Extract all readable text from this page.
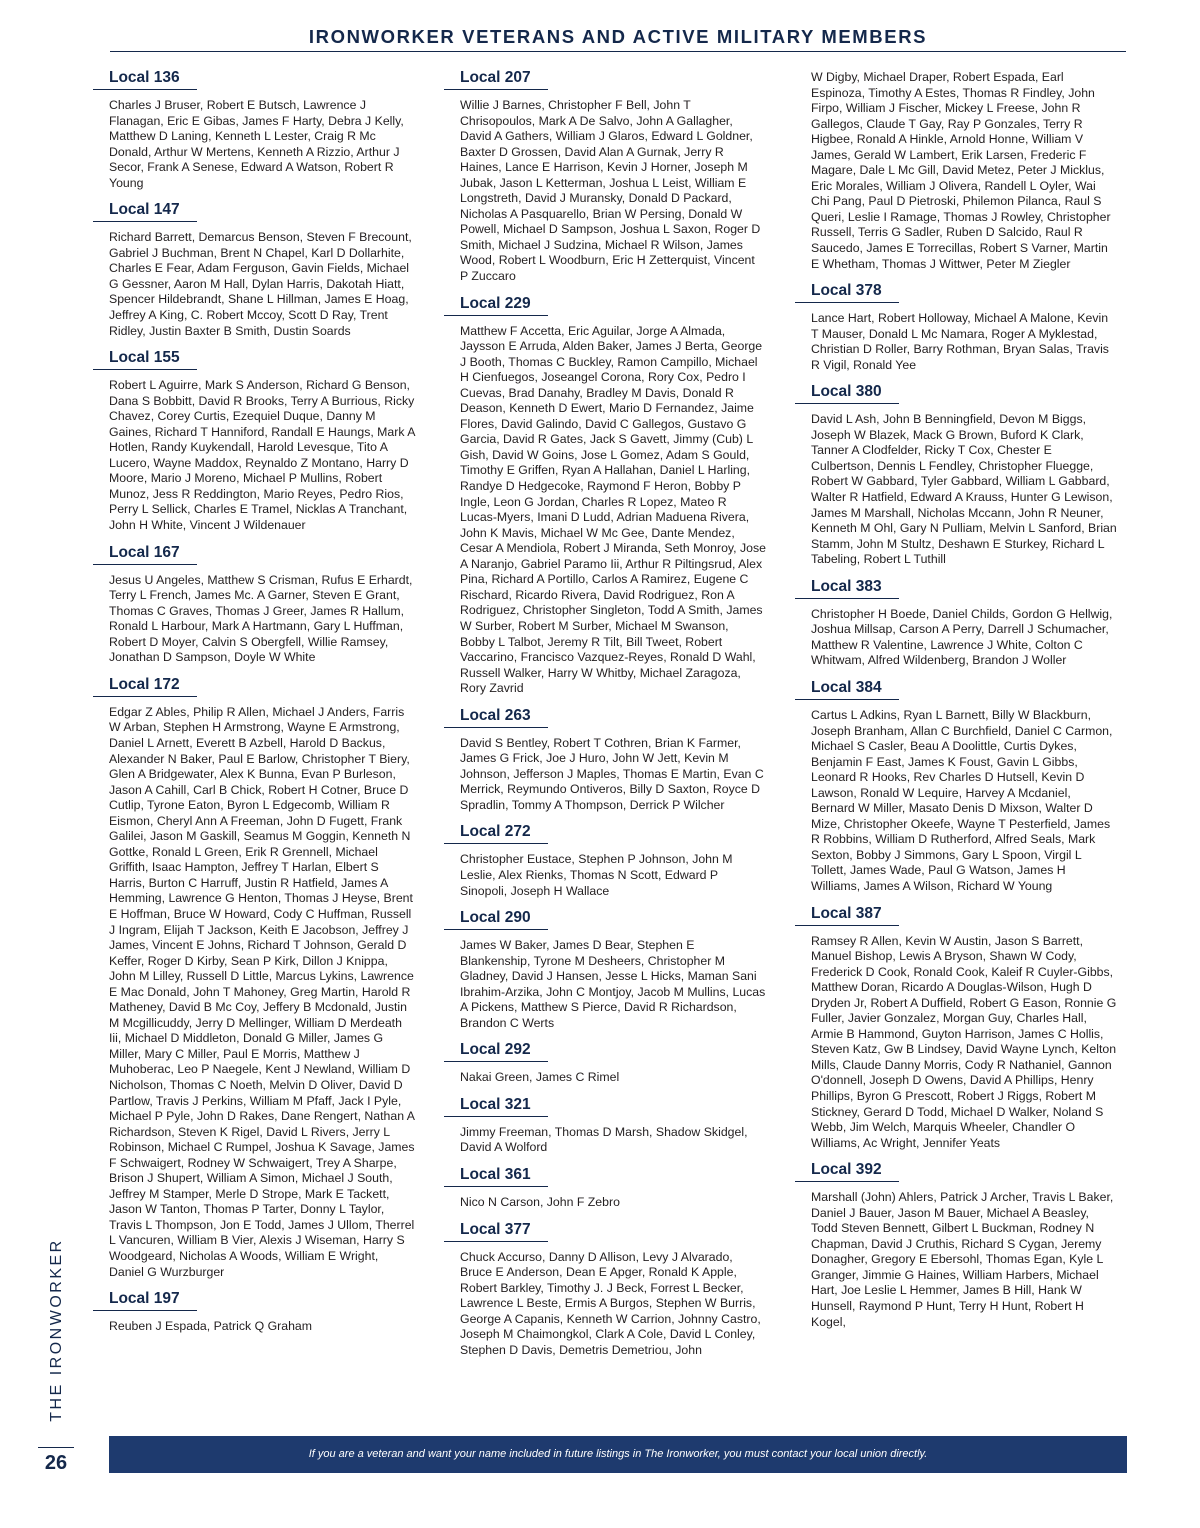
IRONWORKER VETERANS AND ACTIVE MILITARY MEMBERS
Local 136

Charles J Bruser, Robert E Butsch, Lawrence J Flanagan, Eric E Gibas, James F Harty, Debra J Kelly, Matthew D Laning, Kenneth L Lester, Craig R Mc Donald, Arthur W Mertens, Kenneth A Rizzio, Arthur J Secor, Frank A Senese, Edward A Watson, Robert R Young

Local 147

Richard Barrett, Demarcus Benson, Steven F Brecount, Gabriel J Buchman, Brent N Chapel, Karl D Dollarhite, Charles E Fear, Adam Ferguson, Gavin Fields, Michael G Gessner, Aaron M Hall, Dylan Harris, Dakotah Hiatt, Spencer Hildebrandt, Shane L Hillman, James E Hoag, Jeffrey A King, C. Robert Mccoy, Scott D Ray, Trent Ridley, Justin Baxter B Smith, Dustin Soards

Local 155

Robert L Aguirre, Mark S Anderson, Richard G Benson, Dana S Bobbitt, David R Brooks, Terry A Burrious, Ricky Chavez, Corey Curtis, Ezequiel Duque, Danny M Gaines, Richard T Hanniford, Randall E Haungs, Mark A Hotlen, Randy Kuykendall, Harold Levesque, Tito A Lucero, Wayne Maddox, Reynaldo Z Montano, Harry D Moore, Mario J Moreno, Michael P Mullins, Robert Munoz, Jess R Reddington, Mario Reyes, Pedro Rios, Perry L Sellick, Charles E Tramel, Nicklas A Tranchant, John H White, Vincent J Wildenauer

Local 167

Jesus U Angeles, Matthew S Crisman, Rufus E Erhardt, Terry L French, James Mc. A Garner, Steven E Grant, Thomas C Graves, Thomas J Greer, James R Hallum, Ronald L Harbour, Mark A Hartmann, Gary L Huffman, Robert D Moyer, Calvin S Obergfell, Willie Ramsey, Jonathan D Sampson, Doyle W White

Local 172

Edgar Z Ables, Philip R Allen, Michael J Anders, Farris W Arban, Stephen H Armstrong, Wayne E Armstrong, Daniel L Arnett, Everett B Azbell, Harold D Backus, Alexander N Baker, Paul E Barlow, Christopher T Biery, Glen A Bridgewater, Alex K Bunna, Evan P Burleson, Jason A Cahill, Carl B Chick, Robert H Cotner, Bruce D Cutlip, Tyrone Eaton, Byron L Edgecomb, William R Eismon, Cheryl Ann A Freeman, John D Fugett, Frank Galilei, Jason M Gaskill, Seamus M Goggin, Kenneth N Gottke, Ronald L Green, Erik R Grennell, Michael Griffith, Isaac Hampton, Jeffrey T Harlan, Elbert S Harris, Burton C Harruff, Justin R Hatfield, James A Hemming, Lawrence G Henton, Thomas J Heyse, Brent E Hoffman, Bruce W Howard, Cody C Huffman, Russell J Ingram, Elijah T Jackson, Keith E Jacobson, Jeffrey J James, Vincent E Johns, Richard T Johnson, Gerald D Keffer, Roger D Kirby, Sean P Kirk, Dillon J Knippa, John M Lilley, Russell D Little, Marcus Lykins, Lawrence E Mac Donald, John T Mahoney, Greg Martin, Harold R Matheney, David B Mc Coy, Jeffery B Mcdonald, Justin M Mcgillicuddy, Jerry D Mellinger, William D Merdeath Iii, Michael D Middleton, Donald G Miller, James G Miller, Mary C Miller, Paul E Morris, Matthew J Muhoberac, Leo P Naegele, Kent J Newland, William D Nicholson, Thomas C Noeth, Melvin D Oliver, David D Partlow, Travis J Perkins, William M Pfaff, Jack I Pyle, Michael P Pyle, John D Rakes, Dane Rengert, Nathan A Richardson, Steven K Rigel, David L Rivers, Jerry L Robinson, Michael C Rumpel, Joshua K Savage, James F Schwaigert, Rodney W Schwaigert, Trey A Sharpe, Brison J Shupert, William A Simon, Michael J South, Jeffrey M Stamper, Merle D Strope, Mark E Tackett, Jason W Tanton, Thomas P Tarter, Donny L Taylor, Travis L Thompson, Jon E Todd, James J Ullom, Therrel L Vancuren, William B Vier, Alexis J Wiseman, Harry S Woodgeard, Nicholas A Woods, William E Wright, Daniel G Wurzburger

Local 197

Reuben J Espada, Patrick Q Graham

Local 207

Willie J Barnes, Christopher F Bell, John T Chrisopoulos, Mark A De Salvo, John A Gallagher, David A Gathers, William J Glaros, Edward L Goldner, Baxter D Grossen, David Alan A Gurnak, Jerry R Haines, Lance E Harrison, Kevin J Horner, Joseph M Jubak, Jason L Ketterman, Joshua L Leist, William E Longstreth, David J Muransky, Donald D Packard, Nicholas A Pasquarello, Brian W Persing, Donald W Powell, Michael D Sampson, Joshua L Saxon, Roger D Smith, Michael J Sudzina, Michael R Wilson, James Wood, Robert L Woodburn, Eric H Zetterquist, Vincent P Zuccaro

Local 229

Matthew F Accetta, Eric Aguilar, Jorge A Almada, Jaysson E Arruda, Alden Baker, James J Berta, George J Booth, Thomas C Buckley, Ramon Campillo, Michael H Cienfuegos, Joseangel Corona, Rory Cox, Pedro I Cuevas, Brad Danahy, Bradley M Davis, Donald R Deason, Kenneth D Ewert, Mario D Fernandez, Jaime Flores, David Galindo, David C Gallegos, Gustavo G Garcia, David R Gates, Jack S Gavett, Jimmy (Cub) L Gish, David W Goins, Jose L Gomez, Adam S Gould, Timothy E Griffen, Ryan A Hallahan, Daniel L Harling, Randye D Hedgecoke, Raymond F Heron, Bobby P Ingle, Leon G Jordan, Charles R Lopez, Mateo R Lucas-Myers, Imani D Ludd, Adrian Maduena Rivera, John K Mavis, Michael W Mc Gee, Dante Mendez, Cesar A Mendiola, Robert J Miranda, Seth Monroy, Jose A Naranjo, Gabriel Paramo Iii, Arthur R Piltingsrud, Alex Pina, Richard A Portillo, Carlos A Ramirez, Eugene C Rischard, Ricardo Rivera, David Rodriguez, Ron A Rodriguez, Christopher Singleton, Todd A Smith, James W Surber, Robert M Surber, Michael M Swanson, Bobby L Talbot, Jeremy R Tilt, Bill Tweet, Robert Vaccarino, Francisco Vazquez-Reyes, Ronald D Wahl, Russell Walker, Harry W Whitby, Michael Zaragoza, Rory Zavrid

Local 263

David S Bentley, Robert T Cothren, Brian K Farmer, James G Frick, Joe J Huro, John W Jett, Kevin M Johnson, Jefferson J Maples, Thomas E Martin, Evan C Merrick, Reymundo Ontiveros, Billy D Saxton, Royce D Spradlin, Tommy A Thompson, Derrick P Wilcher

Local 272

Christopher Eustace, Stephen P Johnson, John M Leslie, Alex Rienks, Thomas N Scott, Edward P Sinopoli, Joseph H Wallace

Local 290

James W Baker, James D Bear, Stephen E Blankenship, Tyrone M Desheers, Christopher M Gladney, David J Hansen, Jesse L Hicks, Maman Sani Ibrahim-Arzika, John C Montjoy, Jacob M Mullins, Lucas A Pickens, Matthew S Pierce, David R Richardson, Brandon C Werts

Local 292

Nakai Green, James C Rimel

Local 321

Jimmy Freeman, Thomas D Marsh, Shadow Skidgel, David A Wolford

Local 361

Nico N Carson, John F Zebro

Local 377

Chuck Accurso, Danny D Allison, Levy J Alvarado, Bruce E Anderson, Dean E Apger, Ronald K Apple, Robert Barkley, Timothy J. J Beck, Forrest L Becker, Lawrence L Beste, Ermis A Burgos, Stephen W Burris, George A Capanis, Kenneth W Carrion, Johnny Castro, Joseph M Chaimongkol, Clark A Cole, David L Conley, Stephen D Davis, Demetris Demetriou, John

W Digby, Michael Draper, Robert Espada, Earl Espinoza, Timothy A Estes, Thomas R Findley, John Firpo, William J Fischer, Mickey L Freese, John R Gallegos, Claude T Gay, Ray P Gonzales, Terry R Higbee, Ronald A Hinkle, Arnold Honne, William V James, Gerald W Lambert, Erik Larsen, Frederic F Magare, Dale L Mc Gill, David Metez, Peter J Micklus, Eric Morales, William J Olivera, Randell L Oyler, Wai Chi Pang, Paul D Pietroski, Philemon Pilanca, Raul S Queri, Leslie I Ramage, Thomas J Rowley, Christopher Russell, Terris G Sadler, Ruben D Salcido, Raul R Saucedo, James E Torrecillas, Robert S Varner, Martin E Whetham, Thomas J Wittwer, Peter M Ziegler

Local 378

Lance Hart, Robert Holloway, Michael A Malone, Kevin T Mauser, Donald L Mc Namara, Roger A Myklestad, Christian D Roller, Barry Rothman, Bryan Salas, Travis R Vigil, Ronald Yee

Local 380

David L Ash, John B Benningfield, Devon M Biggs, Joseph W Blazek, Mack G Brown, Buford K Clark, Tanner A Clodfelder, Ricky T Cox, Chester E Culbertson, Dennis L Fendley, Christopher Fluegge, Robert W Gabbard, Tyler Gabbard, William L Gabbard, Walter R Hatfield, Edward A Krauss, Hunter G Lewison, James M Marshall, Nicholas Mccann, John R Neuner, Kenneth M Ohl, Gary N Pulliam, Melvin L Sanford, Brian Stamm, John M Stultz, Deshawn E Sturkey, Richard L Tabeling, Robert L Tuthill

Local 383

Christopher H Boede, Daniel Childs, Gordon G Hellwig, Joshua Millsap, Carson A Perry, Darrell J Schumacher, Matthew R Valentine, Lawrence J White, Colton C Whitwam, Alfred Wildenberg, Brandon J Woller

Local 384

Cartus L Adkins, Ryan L Barnett, Billy W Blackburn, Joseph Branham, Allan C Burchfield, Daniel C Carmon, Michael S Casler, Beau A Doolittle, Curtis Dykes, Benjamin F East, James K Foust, Gavin L Gibbs, Leonard R Hooks, Rev Charles D Hutsell, Kevin D Lawson, Ronald W Lequire, Harvey A Mcdaniel, Bernard W Miller, Masato Denis D Mixson, Walter D Mize, Christopher Okeefe, Wayne T Pesterfield, James R Robbins, William D Rutherford, Alfred Seals, Mark Sexton, Bobby J Simmons, Gary L Spoon, Virgil L Tollett, James Wade, Paul G Watson, James H Williams, James A Wilson, Richard W Young

Local 387

Ramsey R Allen, Kevin W Austin, Jason S Barrett, Manuel Bishop, Lewis A Bryson, Shawn W Cody, Frederick D Cook, Ronald Cook, Kaleif R Cuyler-Gibbs, Matthew Doran, Ricardo A Douglas-Wilson, Hugh D Dryden Jr, Robert A Duffield, Robert G Eason, Ronnie G Fuller, Javier Gonzalez, Morgan Guy, Charles Hall, Armie B Hammond, Guyton Harrison, James C Hollis, Steven Katz, Gw B Lindsey, David Wayne Lynch, Kelton Mills, Claude Danny Morris, Cody R Nathaniel, Gannon O'donnell, Joseph D Owens, David A Phillips, Henry Phillips, Byron G Prescott, Robert J Riggs, Robert M Stickney, Gerard D Todd, Michael D Walker, Noland S Webb, Jim Welch, Marquis Wheeler, Chandler O Williams, Ac Wright, Jennifer Yeats

Local 392

Marshall (John) Ahlers, Patrick J Archer, Travis L Baker, Daniel J Bauer, Jason M Bauer, Michael A Beasley, Todd Steven Bennett, Gilbert L Buckman, Rodney N Chapman, David J Cruthis, Richard S Cygan, Jeremy Donagher, Gregory E Ebersohl, Thomas Egan, Kyle L Granger, Jimmie G Haines, William Harbers, Michael Hart, Joe Leslie L Hemmer, James B Hill, Hank W Hunsell, Raymond P Hunt, Terry H Hunt, Robert H Kogel,

THE IRONWORKER
26	If you are a veteran and want your name included in future listings in The Ironworker, you must contact your local union directly.
